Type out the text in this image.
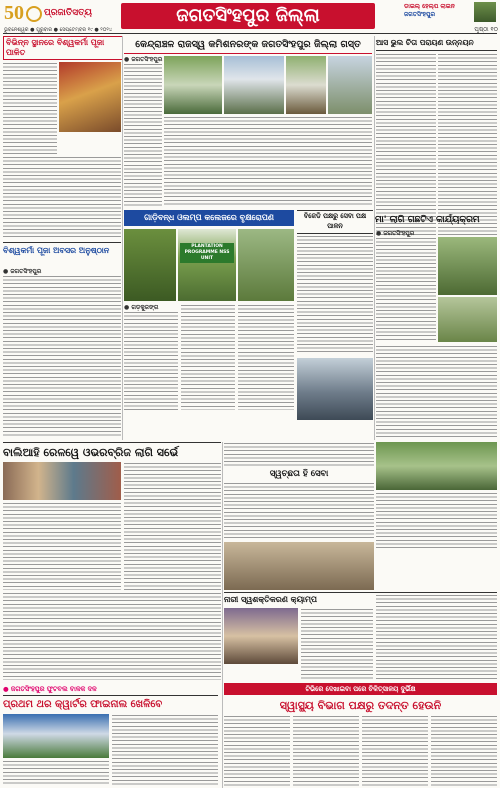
50	ପ୍ରଜାତିସତ୍ୟ	ଜଗତସିଂହପୁର ଜିଲ୍ଲା	ଡାଇଲ୍ ହେଲ୍ପ ଲାଇନ
ଜଗତସିଂହପୁର
ଭୁବନେଶ୍ୱର ● ଗୁରୁବାର ● ସେପ୍ଟେମ୍ବର ୧୯ ● ୨୦୨୪	ପୃଷ୍ଠା ୧୦
ବିଭିନ୍ନ ସ୍ଥାନରେ ବିଶ୍ୱକର୍ମା ପୂଜା ପାଳିତ
ବିଶ୍ୱକର୍ମା ପୂଜା ଅବସର ଅନୁଷ୍ଠାନ
● ଜଗତସିଂହପୁର
କେନ୍ଦ୍ରାଞ୍ଚଳ ରାଜସ୍ୱ କମିଶନରଙ୍କ ଜଗତସିଂହପୁର ଜିଲ୍ଲା ଗସ୍ତ
● ଜଗତସିଂହପୁର
ଆସ ଭୁଲ ଚିତା ପରାୟଣ ଉନ୍ନୟନ
ଗାଡ଼ିବନ୍ଧ ଓଲମ୍ପ କଲେଜରେ ବୃକ୍ଷରୋପଣ
PLANTATION PROGRAMME NSS UNIT
● ଗଡ଼କୁଜଙ୍ଗ
ବିଜେଡି ପକ୍ଷରୁ ସେବା ପକ୍ଷ ପାଳନ
ମା' ଲାଗି ଗଛଟିଏ କାର୍ଯ୍ୟକ୍ରମ
● ଜଗତସିଂହପୁର
ବାଲିଆହି ରେଳୱେ ଓଭରବ୍ରିଜ ଲାଗି ସର୍ଭେ
ସ୍ୱଚ୍ଛତା ହି ସେବା
ନାରୀ ସ୍ୱଶକ୍ତିକରଣ କ୍ୟାମ୍ପ
● ଜଗତସିଂହପୁର ଫୁଟବଲ ବାଳକ ଦଳ	ଟିଭିରେ ଦେଖାଇବା ପରେ ଚିକିତ୍ସାଳୟ ଦୁର୍ଭିକ୍ଷ
ପ୍ରଥମ ଥର କ୍ୱାର୍ଟର ଫାଇନାଲ ଖେଳିବେ	ସ୍ୱାସ୍ଥ୍ୟ ବିଭାଗ ପକ୍ଷରୁ ତଦନ୍ତ ହେଉନି
